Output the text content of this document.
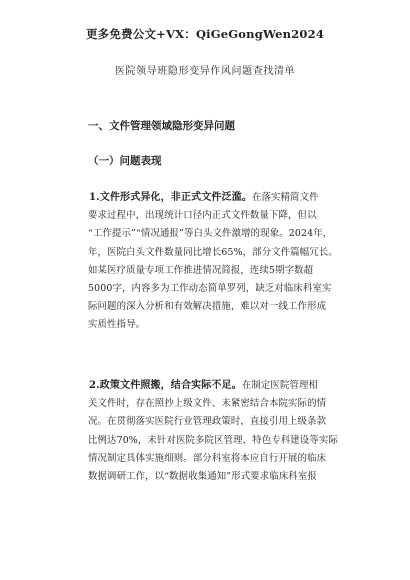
更多免费公文+VX：QiGeGongWen2024
医院领导班隐形变异作风问题查找清单
一、文件管理领域隐形变异问题
（一）问题表现
1.文件形式异化，非正式文件泛滥。在落实精简文件
要求过程中，出现统计口径内正式文件数量下降，但以
“工作提示”“情况通报”等白头文件激增的现象。2024年，
年，医院白头文件数量同比增长65%，部分文件篇幅冗长。
如某医疗质量专项工作推进情况简报，连续5期字数超
5000字，内容多为工作动态简单罗列，缺乏对临床科室实
际问题的深入分析和有效解决措施，难以对一线工作形成
实质性指导。
2.政策文件照搬，结合实际不足。在制定医院管理相
关文件时，存在照抄上级文件、未紧密结合本院实际的情
况。在贯彻落实医院行业管理政策时，直接引用上级条款
比例达70%，未针对医院多院区管理、特色专科建设等实际
情况制定具体实施细则。部分科室将本应自行开展的临床
数据调研工作，以“数据收集通知”形式要求临床科室报
